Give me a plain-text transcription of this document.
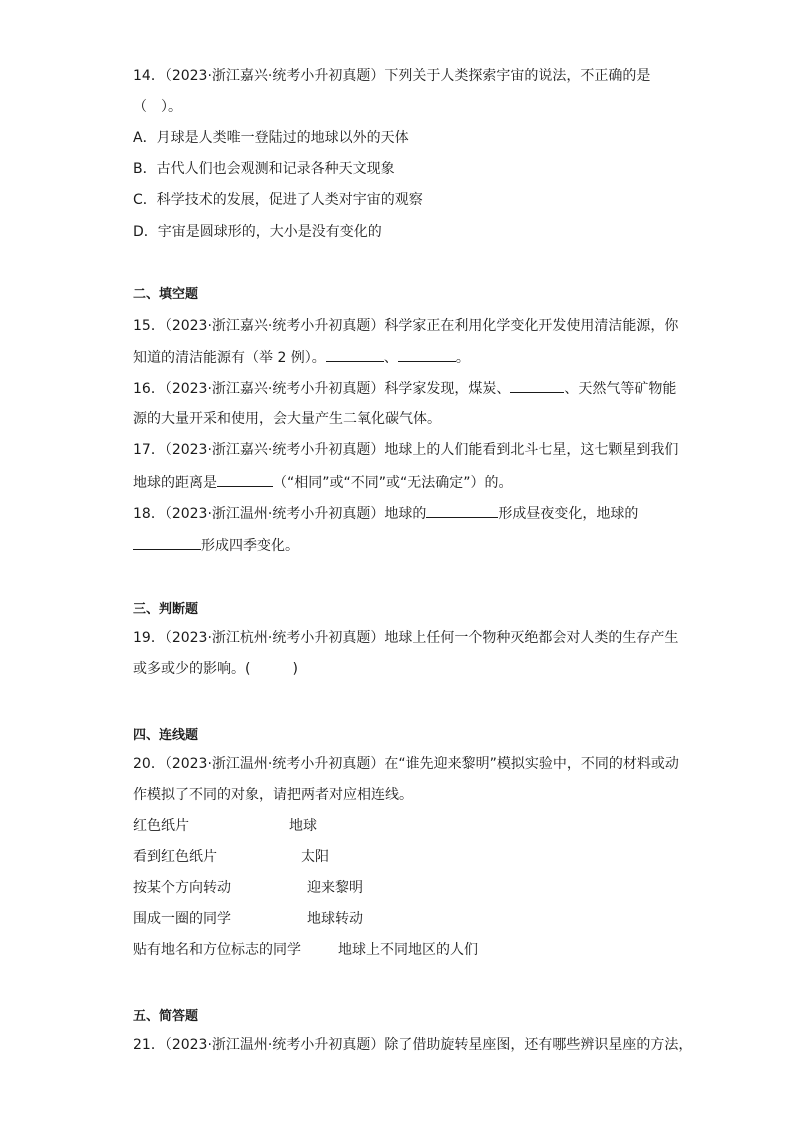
14．（2023·浙江嘉兴·统考小升初真题）下列关于人类探索宇宙的说法，不正确的是
（　）。
A．月球是人类唯一登陆过的地球以外的天体
B．古代人们也会观测和记录各种天文现象
C．科学技术的发展，促进了人类对宇宙的观察
D．宇宙是圆球形的，大小是没有变化的
二、填空题
15．（2023·浙江嘉兴·统考小升初真题）科学家正在利用化学变化开发使用清洁能源，你
知道的清洁能源有（举 2 例）。	、	。
16．（2023·浙江嘉兴·统考小升初真题）科学家发现，煤炭、	、天然气等矿物能
源的大量开采和使用，会大量产生二氧化碳气体。
17．（2023·浙江嘉兴·统考小升初真题）地球上的人们能看到北斗七星，这七颗星到我们
地球的距离是	（“相同”或“不同”或“无法确定”）的。
18．（2023·浙江温州·统考小升初真题）地球的	形成昼夜变化，地球的
形成四季变化。
三、判断题
19．（2023·浙江杭州·统考小升初真题）地球上任何一个物种灭绝都会对人类的生存产生
或多或少的影响。(　　　)
四、连线题
20．（2023·浙江温州·统考小升初真题）在“谁先迎来黎明”模拟实验中，不同的材料或动
作模拟了不同的对象，请把两者对应相连线。
红色纸片	地球
看到红色纸片	太阳
按某个方向转动	迎来黎明
围成一圈的同学	地球转动
贴有地名和方位标志的同学	地球上不同地区的人们
五、简答题
21．（2023·浙江温州·统考小升初真题）除了借助旋转星座图，还有哪些辨识星座的方法，
